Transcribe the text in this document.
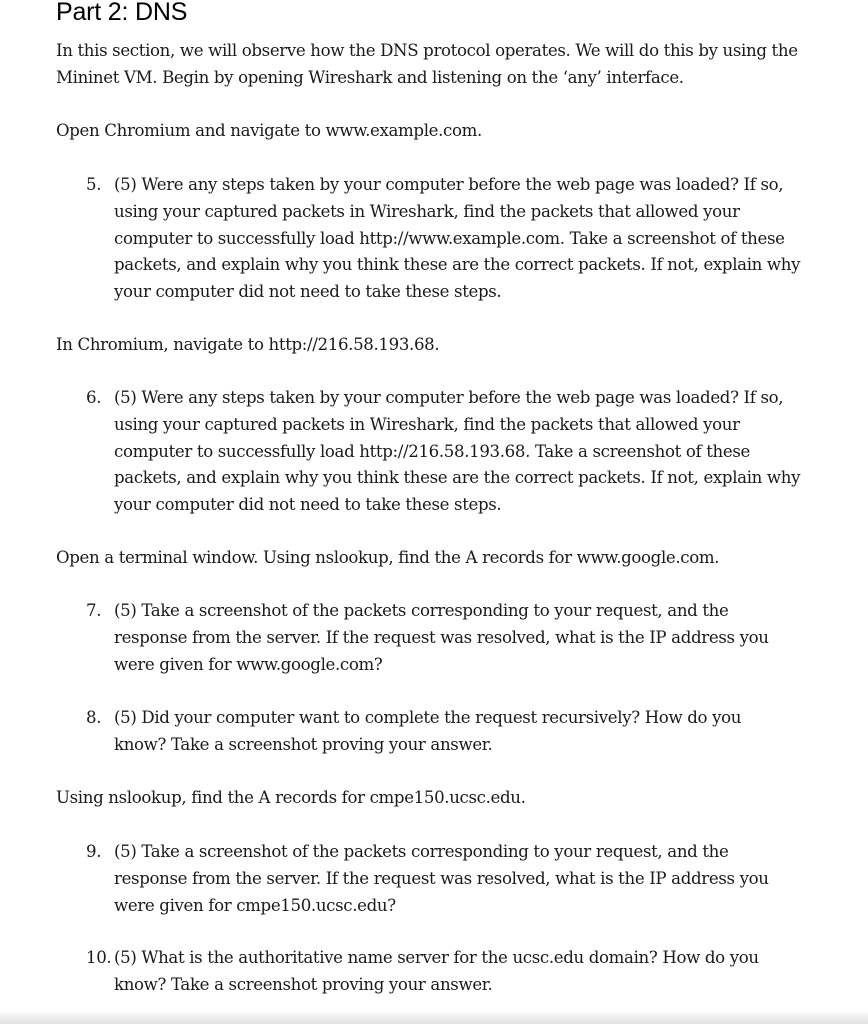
Part 2: DNS
In this section, we will observe how the DNS protocol operates. We will do this by using the
Mininet VM. Begin by opening Wireshark and listening on the ‘any’ interface.
Open Chromium and navigate to www.example.com.
5. (5) Were any steps taken by your computer before the web page was loaded? If so,
using your captured packets in Wireshark, find the packets that allowed your
computer to successfully load http://www.example.com. Take a screenshot of these
packets, and explain why you think these are the correct packets. If not, explain why
your computer did not need to take these steps.
In Chromium, navigate to http://216.58.193.68.
6. (5) Were any steps taken by your computer before the web page was loaded? If so,
using your captured packets in Wireshark, find the packets that allowed your
computer to successfully load http://216.58.193.68. Take a screenshot of these
packets, and explain why you think these are the correct packets. If not, explain why
your computer did not need to take these steps.
Open a terminal window. Using nslookup, find the A records for www.google.com.
7. (5) Take a screenshot of the packets corresponding to your request, and the
response from the server. If the request was resolved, what is the IP address you
were given for www.google.com?
8. (5) Did your computer want to complete the request recursively? How do you
know? Take a screenshot proving your answer.
Using nslookup, find the A records for cmpe150.ucsc.edu.
9. (5) Take a screenshot of the packets corresponding to your request, and the
response from the server. If the request was resolved, what is the IP address you
were given for cmpe150.ucsc.edu?
10. (5) What is the authoritative name server for the ucsc.edu domain? How do you
know? Take a screenshot proving your answer.
